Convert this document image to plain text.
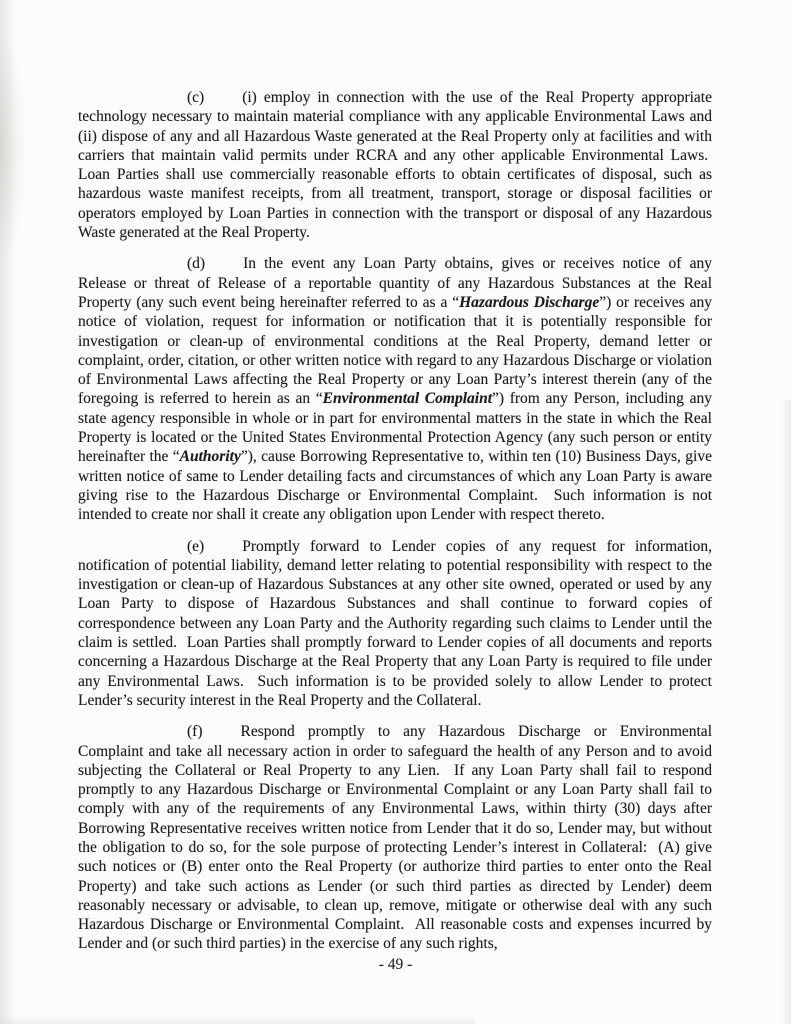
(c) (i) employ in connection with the use of the Real Property appropriate technology necessary to maintain material compliance with any applicable Environmental Laws and (ii) dispose of any and all Hazardous Waste generated at the Real Property only at facilities and with carriers that maintain valid permits under RCRA and any other applicable Environmental Laws.  Loan Parties shall use commercially reasonable efforts to obtain certificates of disposal, such as hazardous waste manifest receipts, from all treatment, transport, storage or disposal facilities or operators employed by Loan Parties in connection with the transport or disposal of any Hazardous Waste generated at the Real Property.

(d) In the event any Loan Party obtains, gives or receives notice of any Release or threat of Release of a reportable quantity of any Hazardous Substances at the Real Property (any such event being hereinafter referred to as a “Hazardous Discharge”) or receives any notice of violation, request for information or notification that it is potentially responsible for investigation or clean-up of environmental conditions at the Real Property, demand letter or complaint, order, citation, or other written notice with regard to any Hazardous Discharge or violation of Environmental Laws affecting the Real Property or any Loan Party’s interest therein (any of the foregoing is referred to herein as an “Environmental Complaint”) from any Person, including any state agency responsible in whole or in part for environmental matters in the state in which the Real Property is located or the United States Environmental Protection Agency (any such person or entity hereinafter the “Authority”), cause Borrowing Representative to, within ten (10) Business Days, give written notice of same to Lender detailing facts and circumstances of which any Loan Party is aware giving rise to the Hazardous Discharge or Environmental Complaint.  Such information is not intended to create nor shall it create any obligation upon Lender with respect thereto.

(e) Promptly forward to Lender copies of any request for information, notification of potential liability, demand letter relating to potential responsibility with respect to the investigation or clean-up of Hazardous Substances at any other site owned, operated or used by any Loan Party to dispose of Hazardous Substances and shall continue to forward copies of correspondence between any Loan Party and the Authority regarding such claims to Lender until the claim is settled.  Loan Parties shall promptly forward to Lender copies of all documents and reports concerning a Hazardous Discharge at the Real Property that any Loan Party is required to file under any Environmental Laws.  Such information is to be provided solely to allow Lender to protect Lender’s security interest in the Real Property and the Collateral.

(f) Respond promptly to any Hazardous Discharge or Environmental Complaint and take all necessary action in order to safeguard the health of any Person and to avoid subjecting the Collateral or Real Property to any Lien.  If any Loan Party shall fail to respond promptly to any Hazardous Discharge or Environmental Complaint or any Loan Party shall fail to comply with any of the requirements of any Environmental Laws, within thirty (30) days after Borrowing Representative receives written notice from Lender that it do so, Lender may, but without the obligation to do so, for the sole purpose of protecting Lender’s interest in Collateral:  (A) give such notices or (B) enter onto the Real Property (or authorize third parties to enter onto the Real Property) and take such actions as Lender (or such third parties as directed by Lender) deem reasonably necessary or advisable, to clean up, remove, mitigate or otherwise deal with any such Hazardous Discharge or Environmental Complaint.  All reasonable costs and expenses incurred by Lender and (or such third parties) in the exercise of any such rights,

- 49 -
